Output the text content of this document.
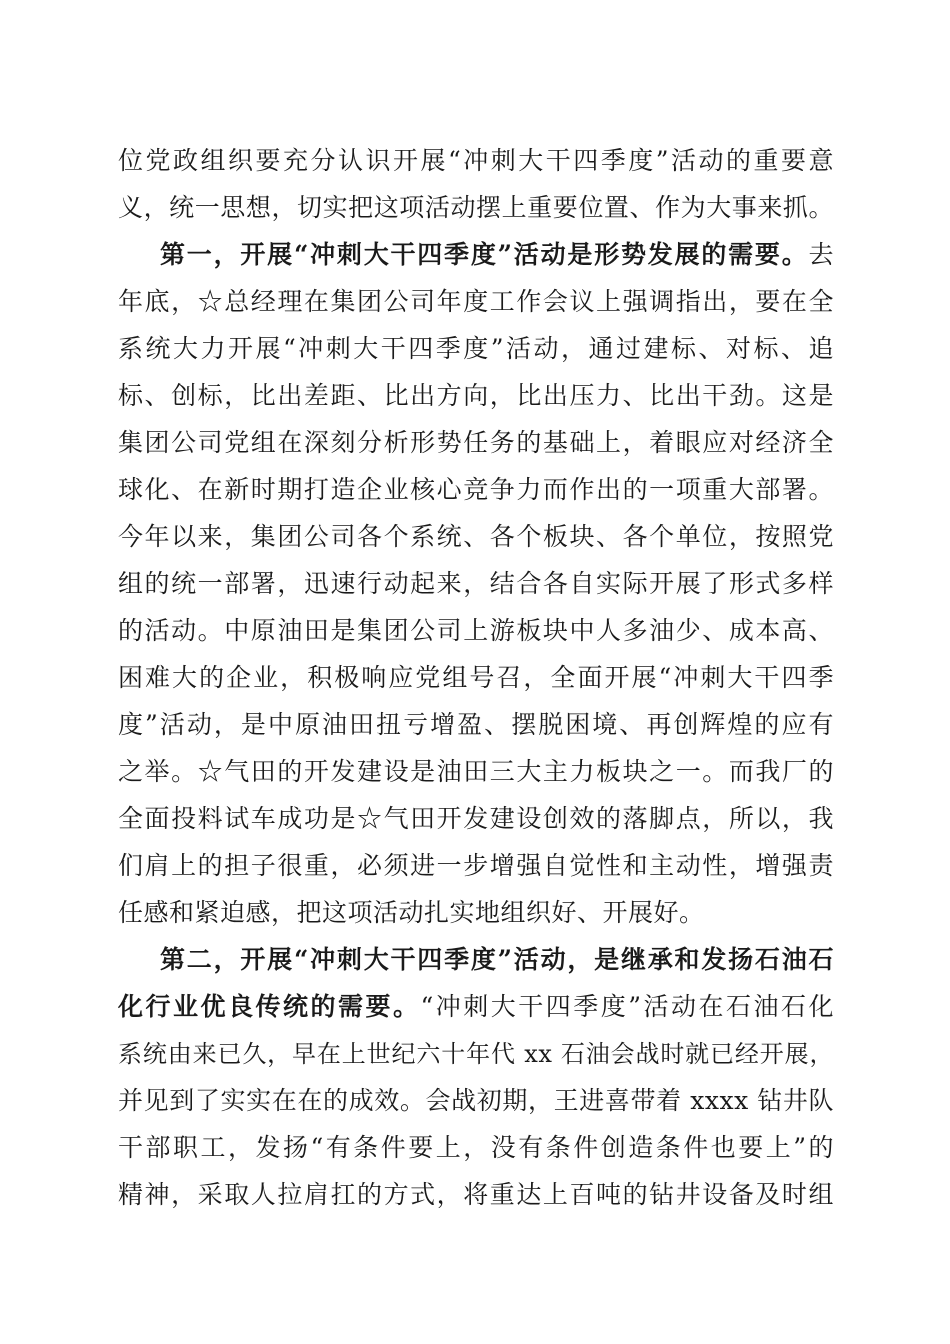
位党政组织要充分认识开展“冲刺大干四季度”活动的重要意
义，统一思想，切实把这项活动摆上重要位置、作为大事来抓。
第一，开展“冲刺大干四季度”活动是形势发展的需要。去
年底，☆总经理在集团公司年度工作会议上强调指出，要在全
系统大力开展“冲刺大干四季度”活动，通过建标、对标、追
标、创标，比出差距、比出方向，比出压力、比出干劲。这是
集团公司党组在深刻分析形势任务的基础上，着眼应对经济全
球化、在新时期打造企业核心竞争力而作出的一项重大部署。
今年以来，集团公司各个系统、各个板块、各个单位，按照党
组的统一部署，迅速行动起来，结合各自实际开展了形式多样
的活动。中原油田是集团公司上游板块中人多油少、成本高、
困难大的企业，积极响应党组号召，全面开展“冲刺大干四季
度”活动，是中原油田扭亏增盈、摆脱困境、再创辉煌的应有
之举。☆气田的开发建设是油田三大主力板块之一。而我厂的
全面投料试车成功是☆气田开发建设创效的落脚点，所以，我
们肩上的担子很重，必须进一步增强自觉性和主动性，增强责
任感和紧迫感，把这项活动扎实地组织好、开展好。
第二，开展“冲刺大干四季度”活动，是继承和发扬石油石
化行业优良传统的需要。“冲刺大干四季度”活动在石油石化
系统由来已久，早在上世纪六十年代 xx 石油会战时就已经开展，
并见到了实实在在的成效。会战初期，王进喜带着 xxxx 钻井队
干部职工，发扬“有条件要上，没有条件创造条件也要上”的
精神，采取人拉肩扛的方式，将重达上百吨的钻井设备及时组
